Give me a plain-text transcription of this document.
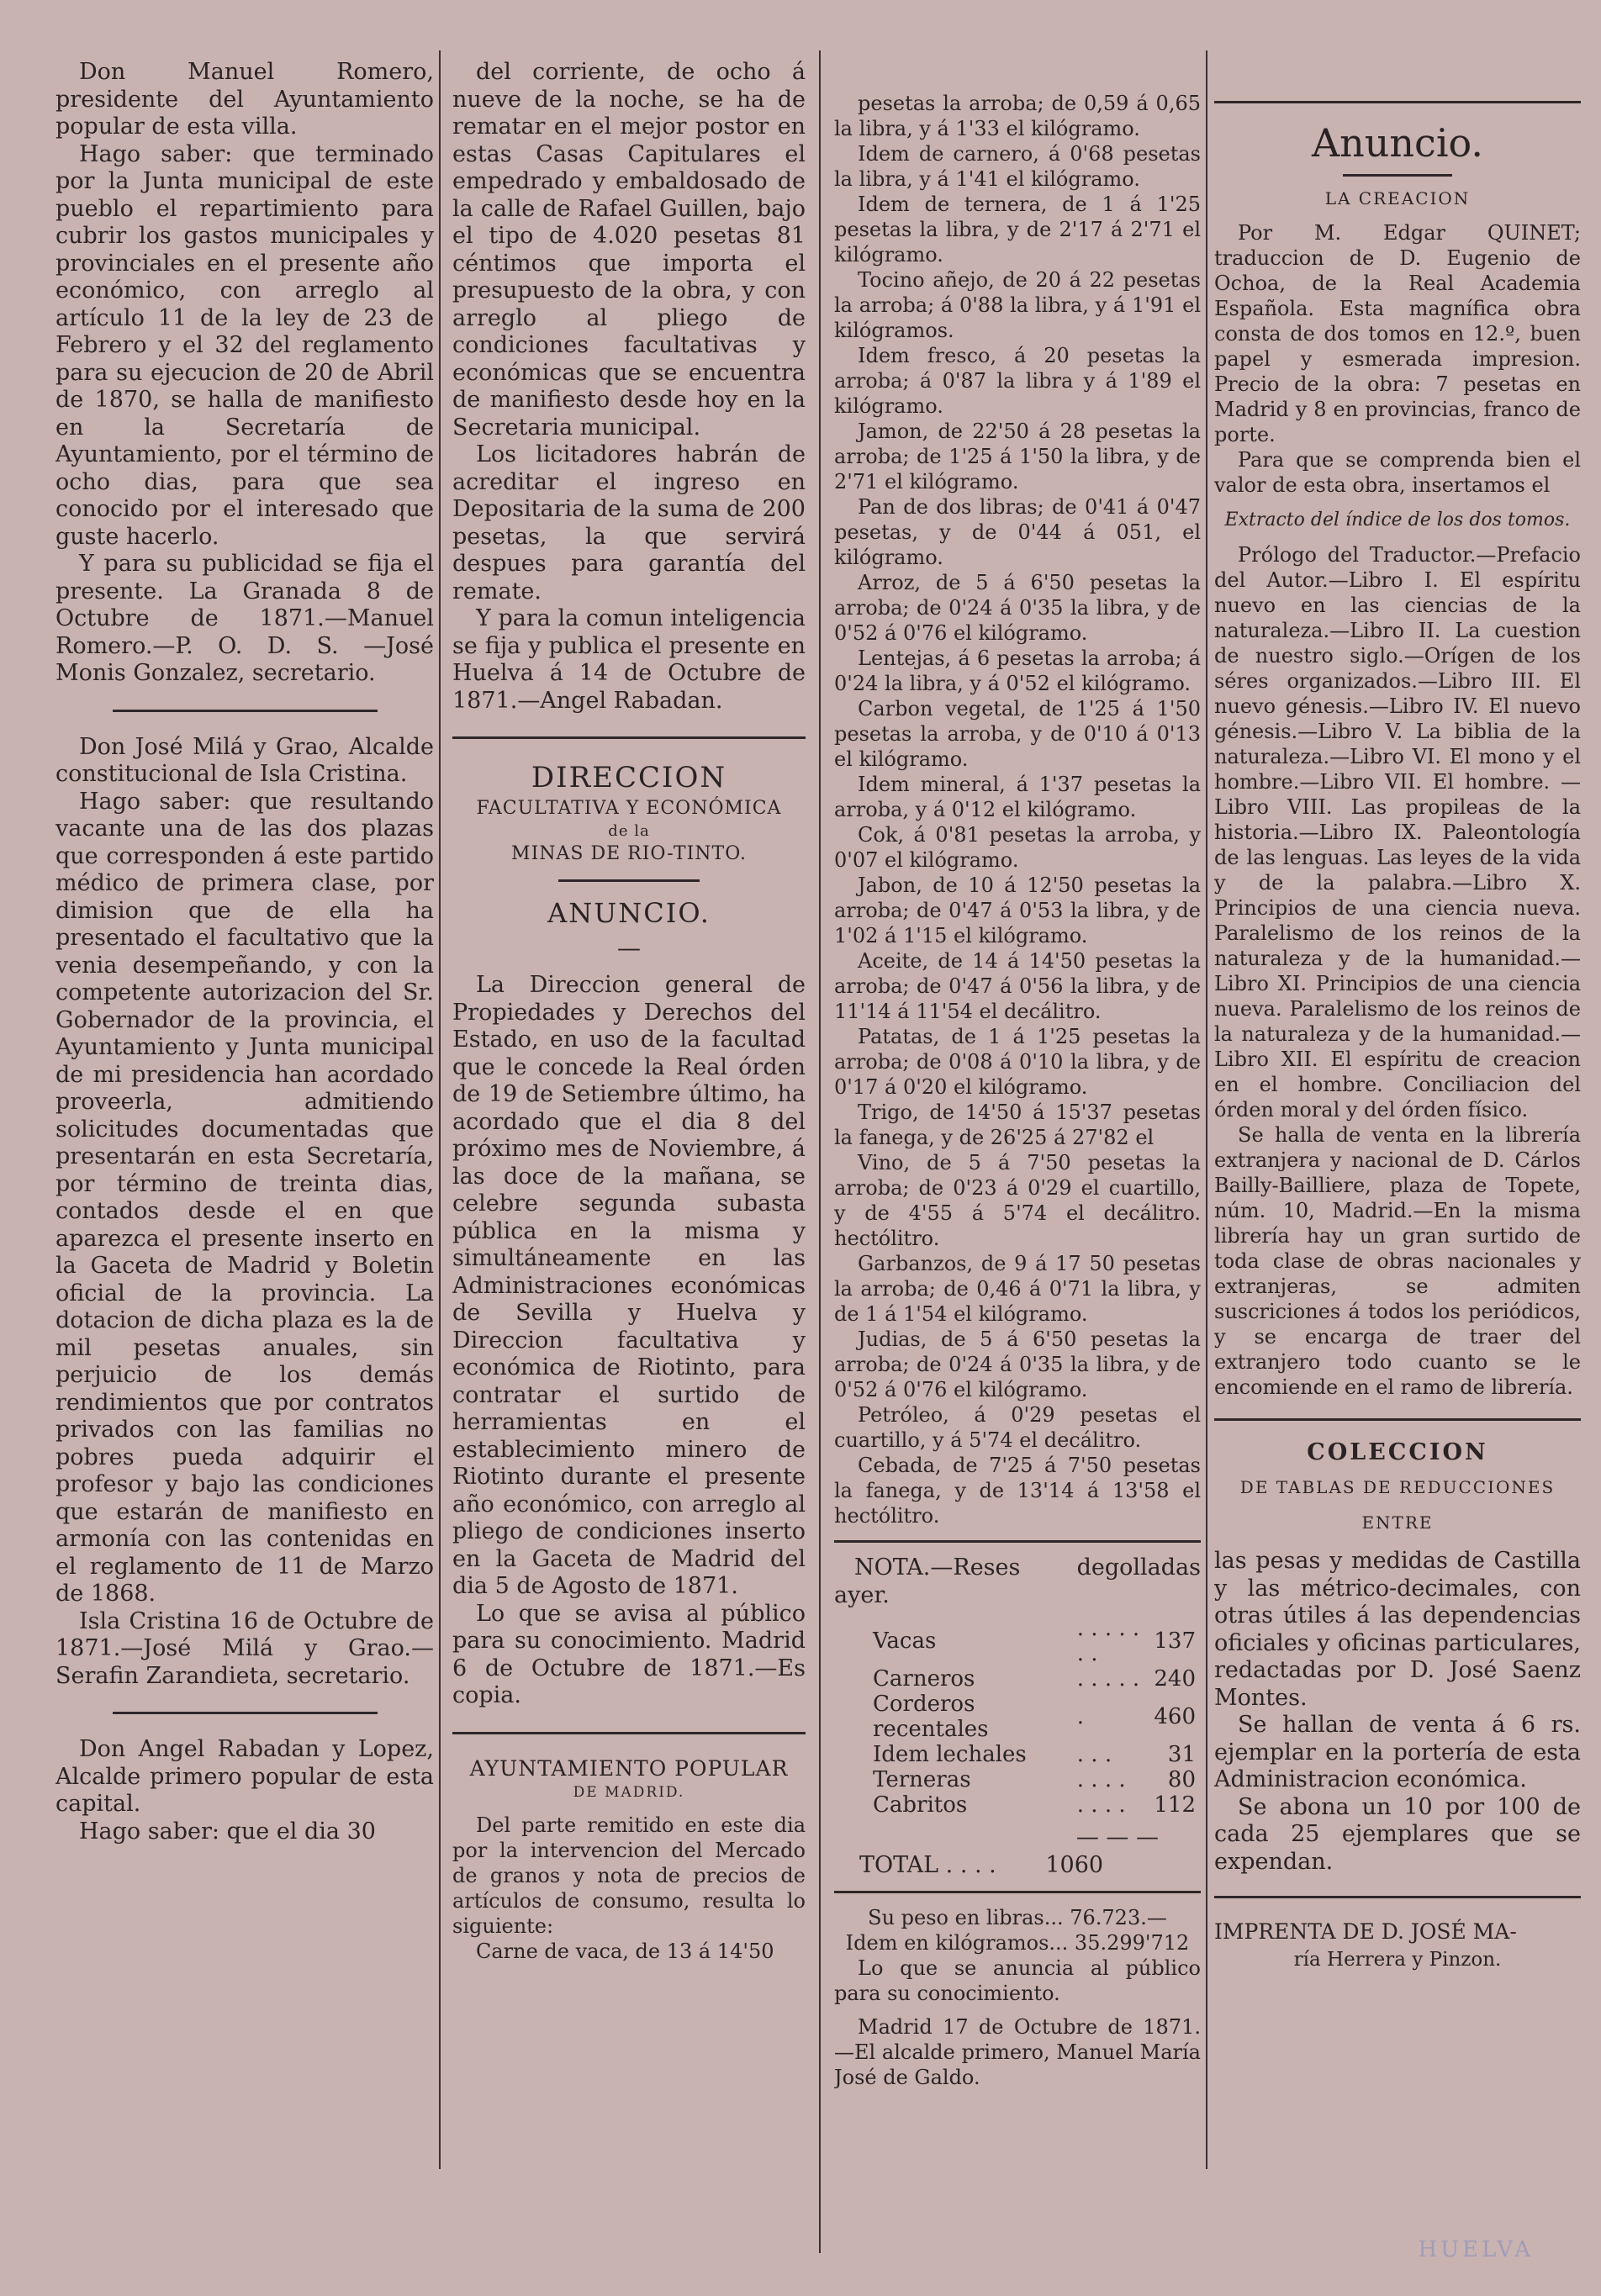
Don Manuel Romero, presidente del Ayuntamiento popular de esta villa.

Hago saber: que terminado por la Junta municipal de este pueblo el repartimiento para cubrir los gastos municipales y provinciales en el presente año económico, con arreglo al artículo 11 de la ley de 23 de Febrero y el 32 del reglamento para su ejecucion de 20 de Abril de 1870, se halla de manifiesto en la Secretaría de Ayuntamiento, por el término de ocho dias, para que sea conocido por el interesado que guste hacerlo.

Y para su publicidad se fija el presente. La Granada 8 de Octubre de 1871.—Manuel Romero.—P. O. D. S. —José Monis Gonzalez, secretario.

Don José Milá y Grao, Alcalde constitucional de Isla Cristina.

Hago saber: que resultando vacante una de las dos plazas que corresponden á este partido médico de primera clase, por dimision que de ella ha presentado el facultativo que la venia desempeñando, y con la competente autorizacion del Sr. Gobernador de la provincia, el Ayuntamiento y Junta municipal de mi presidencia han acordado proveerla, admitiendo solicitudes documentadas que presentarán en esta Secretaría, por término de treinta dias, contados desde el en que aparezca el presente inserto en la Gaceta de Madrid y Boletin oficial de la provincia. La dotacion de dicha plaza es la de mil pesetas anuales, sin perjuicio de los demás rendimientos que por contratos privados con las familias no pobres pueda adquirir el profesor y bajo las condiciones que estarán de manifiesto en armonía con las contenidas en el reglamento de 11 de Marzo de 1868.

Isla Cristina 16 de Octubre de 1871.—José Milá y Grao.—Serafin Zarandieta, secretario.

Don Angel Rabadan y Lopez, Alcalde primero popular de esta capital.

Hago saber: que el dia 30

del corriente, de ocho á nueve de la noche, se ha de rematar en el mejor postor en estas Casas Capitulares el empedrado y embaldosado de la calle de Rafael Guillen, bajo el tipo de 4.020 pesetas 81 céntimos que importa el presupuesto de la obra, y con arreglo al pliego de condiciones facultativas y económicas que se encuentra de manifiesto desde hoy en la Secretaria municipal.

Los licitadores habrán de acreditar el ingreso en Depositaria de la suma de 200 pesetas, la que servirá despues para garantía del remate.

Y para la comun inteligencia se fija y publica el presente en Huelva á 14 de Octubre de 1871.—Angel Rabadan.

DIRECCION

FACULTATIVA Y ECONÓMICA

de la

MINAS DE RIO-TINTO.

ANUNCIO.

—

La Direccion general de Propiedades y Derechos del Estado, en uso de la facultad que le concede la Real órden de 19 de Setiembre último, ha acordado que el dia 8 del próximo mes de Noviembre, á las doce de la mañana, se celebre segunda subasta pública en la misma y simultáneamente en las Administraciones económicas de Sevilla y Huelva y Direccion facultativa y económica de Riotinto, para contratar el surtido de herramientas en el establecimiento minero de Riotinto durante el presente año económico, con arreglo al pliego de condiciones inserto en la Gaceta de Madrid del dia 5 de Agosto de 1871.

Lo que se avisa al público para su conocimiento. Madrid 6 de Octubre de 1871.—Es copia.

AYUNTAMIENTO POPULAR

DE MADRID.

Del parte remitido en este dia por la intervencion del Mercado de granos y nota de precios de artículos de consumo, resulta lo siguiente:

Carne de vaca, de 13 á 14'50

pesetas la arroba; de 0,59 á 0,65 la libra, y á 1'33 el kilógramo.

Idem de carnero, á 0'68 pesetas la libra, y á 1'41 el kilógramo.

Idem de ternera, de 1 á 1'25 pesetas la libra, y de 2'17 á 2'71 el kilógramo.

Tocino añejo, de 20 á 22 pesetas la arroba; á 0'88 la libra, y á 1'91 el kilógramos.

Idem fresco, á 20 pesetas la arroba; á 0'87 la libra y á 1'89 el kilógramo.

Jamon, de 22'50 á 28 pesetas la arroba; de 1'25 á 1'50 la libra, y de 2'71 el kilógramo.

Pan de dos libras; de 0'41 á 0'47 pesetas, y de 0'44 á 051, el kilógramo.

Arroz, de 5 á 6'50 pesetas la arroba; de 0'24 á 0'35 la libra, y de 0'52 á 0'76 el kilógramo.

Lentejas, á 6 pesetas la arroba; á 0'24 la libra, y á 0'52 el kilógramo.

Carbon vegetal, de 1'25 á 1'50 pesetas la arroba, y de 0'10 á 0'13 el kilógramo.

Idem mineral, á 1'37 pesetas la arroba, y á 0'12 el kilógramo.

Cok, á 0'81 pesetas la arroba, y 0'07 el kilógramo.

Jabon, de 10 á 12'50 pesetas la arroba; de 0'47 á 0'53 la libra, y de 1'02 á 1'15 el kilógramo.

Aceite, de 14 á 14'50 pesetas la arroba; de 0'47 á 0'56 la libra, y de 11'14 á 11'54 el decálitro.

Patatas, de 1 á 1'25 pesetas la arroba; de 0'08 á 0'10 la libra, y de 0'17 á 0'20 el kilógramo.

Trigo, de 14'50 á 15'37 pesetas la fanega, y de 26'25 á 27'82 el

Vino, de 5 á 7'50 pesetas la arroba; de 0'23 á 0'29 el cuartillo, y de 4'55 á 5'74 el decálitro. hectólitro.

Garbanzos, de 9 á 17 50 pesetas la arroba; de 0,46 á 0'71 la libra, y de 1 á 1'54 el kilógramo.

Judias, de 5 á 6'50 pesetas la arroba; de 0'24 á 0'35 la libra, y de 0'52 á 0'76 el kilógramo.

Petróleo, á 0'29 pesetas el cuartillo, y á 5'74 el decálitro.

Cebada, de 7'25 á 7'50 pesetas la fanega, y de 13'14 á 13'58 el hectólitro.

NOTA.—Reses degolladas ayer.

Vacas	. . . . . . .	137
Carneros	. . . . .	240
Corderos recentales	.	460
Idem lechales	. . .	31
Terneras	. . . .	80
Cabritos	. . . .	112

— — —

TOTAL . . . . 1060

Su peso en libras... 76.723.—

Idem en kilógramos... 35.299'712

Lo que se anuncia al público para su conocimiento.

Madrid 17 de Octubre de 1871. —El alcalde primero, Manuel María José de Galdo.

Anuncio.

LA CREACION

Por M. Edgar QUINET; traduccion de D. Eugenio de Ochoa, de la Real Academia Española. Esta magnífica obra consta de dos tomos en 12.º, buen papel y esmerada impresion. Precio de la obra: 7 pesetas en Madrid y 8 en provincias, franco de porte.

Para que se comprenda bien el valor de esta obra, insertamos el

Extracto del índice de los dos tomos.

Prólogo del Traductor.—Prefacio del Autor.—Libro I. El espíritu nuevo en las ciencias de la naturaleza.—Libro II. La cuestion de nuestro siglo.—Orígen de los séres organizados.—Libro III. El nuevo génesis.—Libro IV. El nuevo génesis.—Libro V. La biblia de la naturaleza.—Libro VI. El mono y el hombre.—Libro VII. El hombre. —Libro VIII. Las propileas de la historia.—Libro IX. Paleontología de las lenguas. Las leyes de la vida y de la palabra.—Libro X. Principios de una ciencia nueva. Paralelismo de los reinos de la naturaleza y de la humanidad.—Libro XI. Principios de una ciencia nueva. Paralelismo de los reinos de la naturaleza y de la humanidad.—Libro XII. El espíritu de creacion en el hombre. Conciliacion del órden moral y del órden físico.

Se halla de venta en la librería extranjera y nacional de D. Cárlos Bailly-Bailliere, plaza de Topete, núm. 10, Madrid.—En la misma librería hay un gran surtido de toda clase de obras nacionales y extranjeras, se admiten suscriciones á todos los periódicos, y se encarga de traer del extranjero todo cuanto se le encomiende en el ramo de librería.

COLECCION

DE TABLAS DE REDUCCIONES

ENTRE

las pesas y medidas de Castilla y las métrico-decimales, con otras útiles á las dependencias oficiales y oficinas particulares, redactadas por D. José Saenz Montes.

Se hallan de venta á 6 rs. ejemplar en la portería de esta Administracion económica.

Se abona un 10 por 100 de cada 25 ejemplares que se expendan.

IMPRENTA DE D. JOSÉ MA-

ría Herrera y Pinzon.

HUELVA
